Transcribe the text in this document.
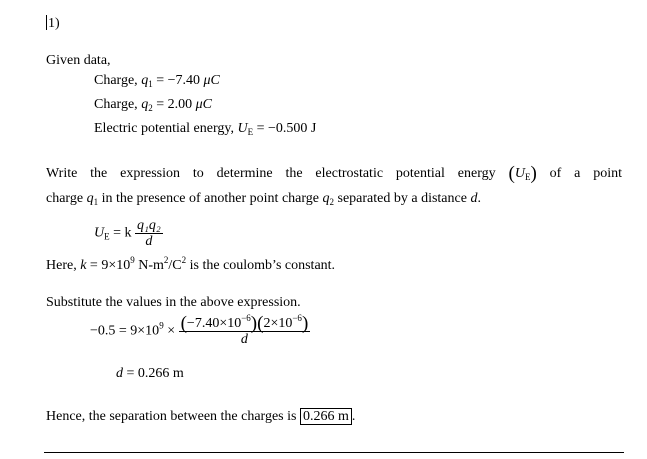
1)
Given data,
Charge, $q_1 = -7.40$ μC
Charge, $q_2 = 2.00$ μC
Electric potential energy, $U_E = -0.500$ J
Write the expression to determine the electrostatic potential energy $(U_E)$ of a point
charge $q_1$ in the presence of another point charge $q_2$ separated by a distance d.
$U_E = k \frac{\text{q₁q₂}}{d}$
Here, $k = 9\times 10^9$ $N-m^2/C^2$ is the coulomb’s constant.
Substitute the values in the above expression.
$-0.5 = 9\times 10^9 \times \frac{(-7.40\times 10^{-6})(2\times 10^{-6})}{d}$
d = 0.266 m
Hence, the separation between the charges is 0.266 m .
